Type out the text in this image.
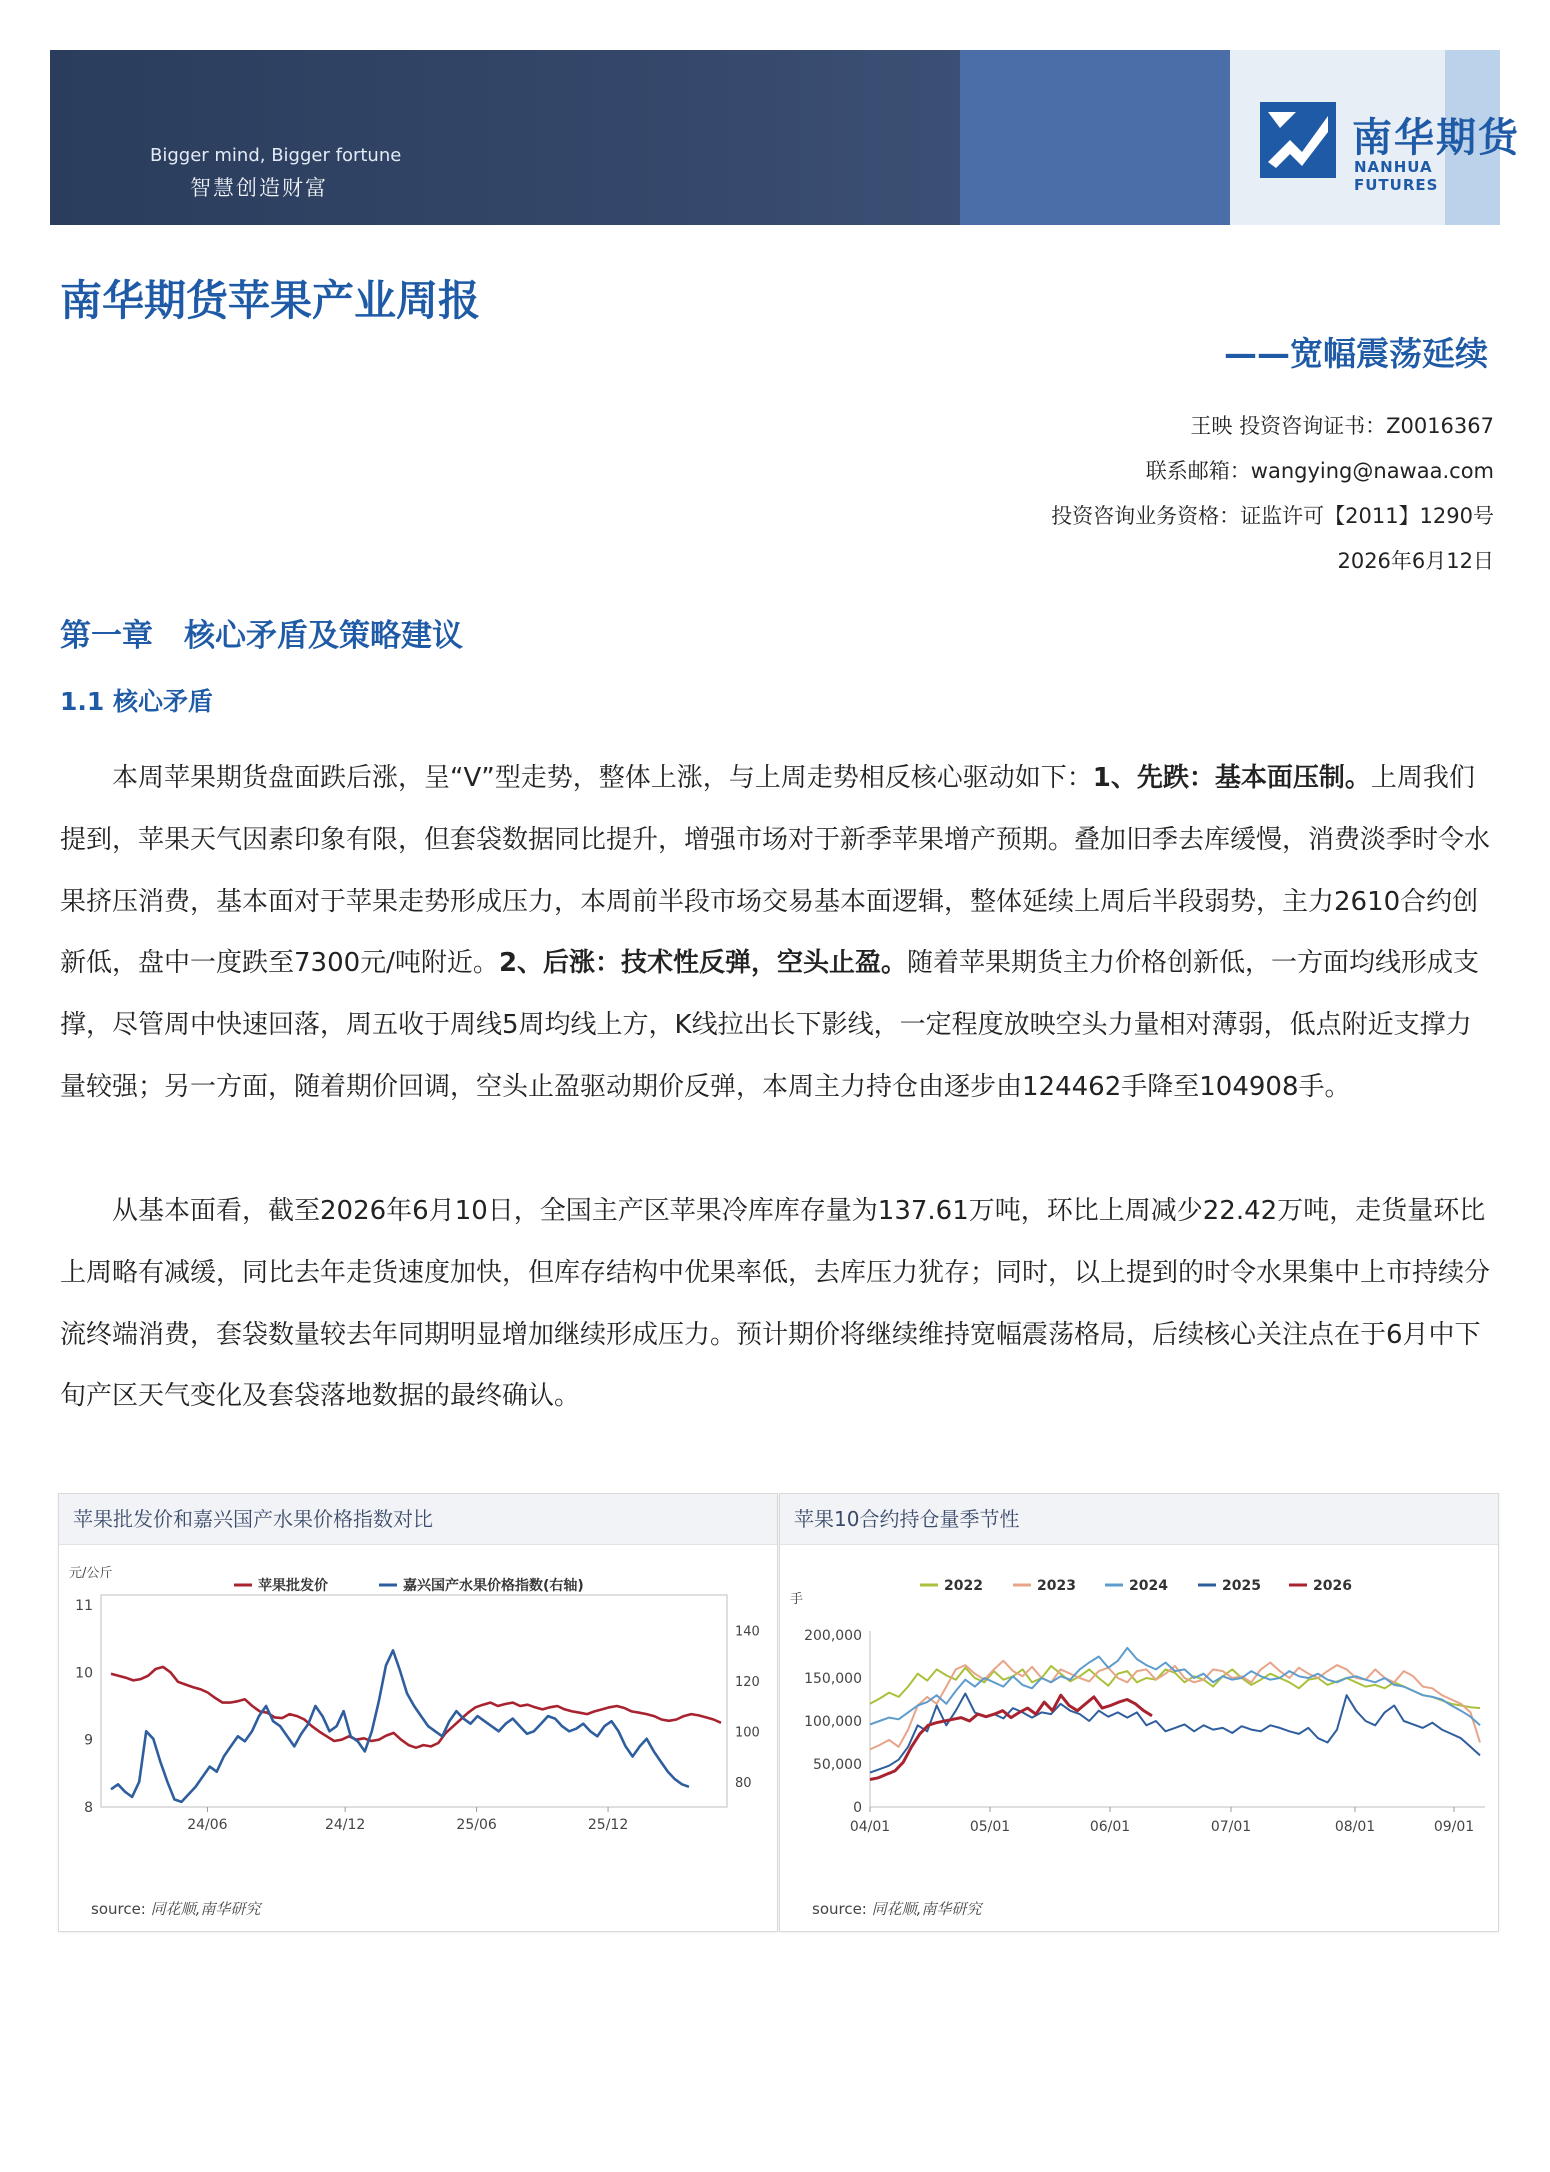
Bigger mind, Bigger fortune
智慧创造财富
南华期货
NANHUA FUTURES
南华期货苹果产业周报
——宽幅震荡延续
王映 投资咨询证书：Z0016367
联系邮箱：wangying@nawaa.com
投资咨询业务资格：证监许可【2011】1290号
2026年6月12日
第一章　核心矛盾及策略建议
1.1 核心矛盾

本周苹果期货盘面跌后涨，呈“V”型走势，整体上涨，与上周走势相反核心驱动如下：1、先跌：基本面压制。上周我们提到，苹果天气因素印象有限，但套袋数据同比提升，增强市场对于新季苹果增产预期。叠加旧季去库缓慢，消费淡季时令水果挤压消费，基本面对于苹果走势形成压力，本周前半段市场交易基本面逻辑，整体延续上周后半段弱势，主力2610合约创新低，盘中一度跌至7300元/吨附近。2、后涨：技术性反弹，空头止盈。随着苹果期货主力价格创新低，一方面均线形成支撑，尽管周中快速回落，周五收于周线5周均线上方，K线拉出长下影线，一定程度放映空头力量相对薄弱，低点附近支撑力量较强；另一方面，随着期价回调，空头止盈驱动期价反弹，本周主力持仓由逐步由124462手降至104908手。

从基本面看，截至2026年6月10日，全国主产区苹果冷库库存量为137.61万吨，环比上周减少22.42万吨，走货量环比上周略有减缓，同比去年走货速度加快，但库存结构中优果率低，去库压力犹存；同时，以上提到的时令水果集中上市持续分流终端消费，套袋数量较去年同期明显增加继续形成压力。预计期价将继续维持宽幅震荡格局，后续核心关注点在于6月中下旬产区天气变化及套袋落地数据的最终确认。

苹果批发价和嘉兴国产水果价格指数对比
元/公斤
8
9
10
11
80
100
120
140
24/06	24/12	25/06	25/12
苹果批发价	嘉兴国产水果价格指数(右轴)
source: 同花顺,南华研究
苹果10合约持仓量季节性
手
0
50,000
100,000
150,000
200,000
04/01	05/01	06/01	07/01	08/01	09/01
2022	2023	2024	2025	2026
source: 同花顺,南华研究
